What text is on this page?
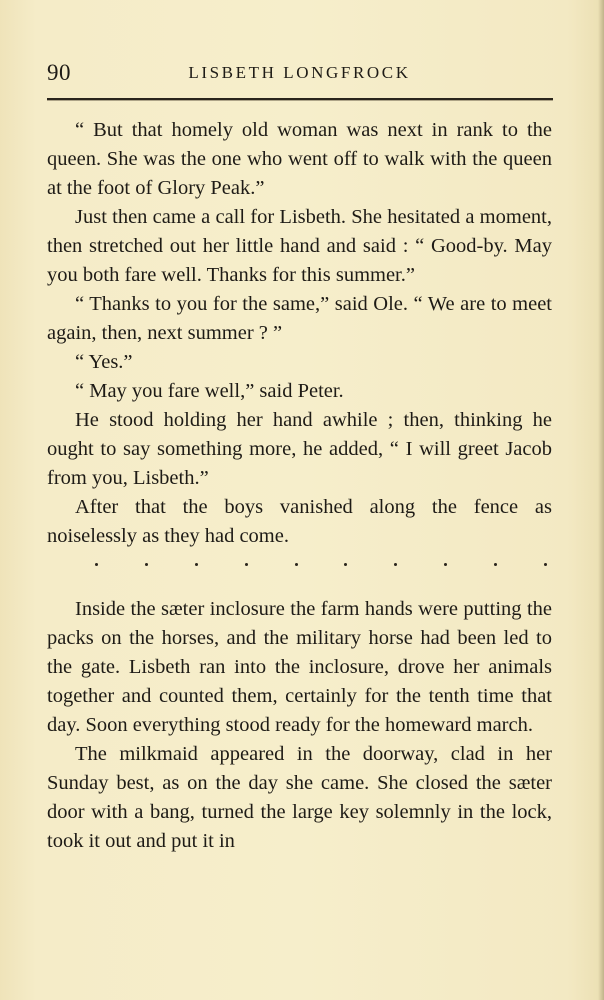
90	LISBETH LONGFROCK

“ But that homely old woman was next in rank to the queen. She was the one who went off to walk with the queen at the foot of Glory Peak.”

Just then came a call for Lisbeth. She hesitated a moment, then stretched out her little hand and said : “ Good-by. May you both fare well. Thanks for this summer.”

“ Thanks to you for the same,” said Ole. “ We are to meet again, then, next summer ? ”

“ Yes.”

“ May you fare well,” said Peter.

He stood holding her hand awhile ; then, thinking he ought to say something more, he added, “ I will greet Jacob from you, Lisbeth.”

After that the boys vanished along the fence as noiselessly as they had come.

Inside the sæter inclosure the farm hands were putting the packs on the horses, and the military horse had been led to the gate. Lisbeth ran into the inclosure, drove her animals together and counted them, certainly for the tenth time that day. Soon everything stood ready for the homeward march.

The milkmaid appeared in the doorway, clad in her Sunday best, as on the day she came. She closed the sæter door with a bang, turned the large key solemnly in the lock, took it out and put it in
